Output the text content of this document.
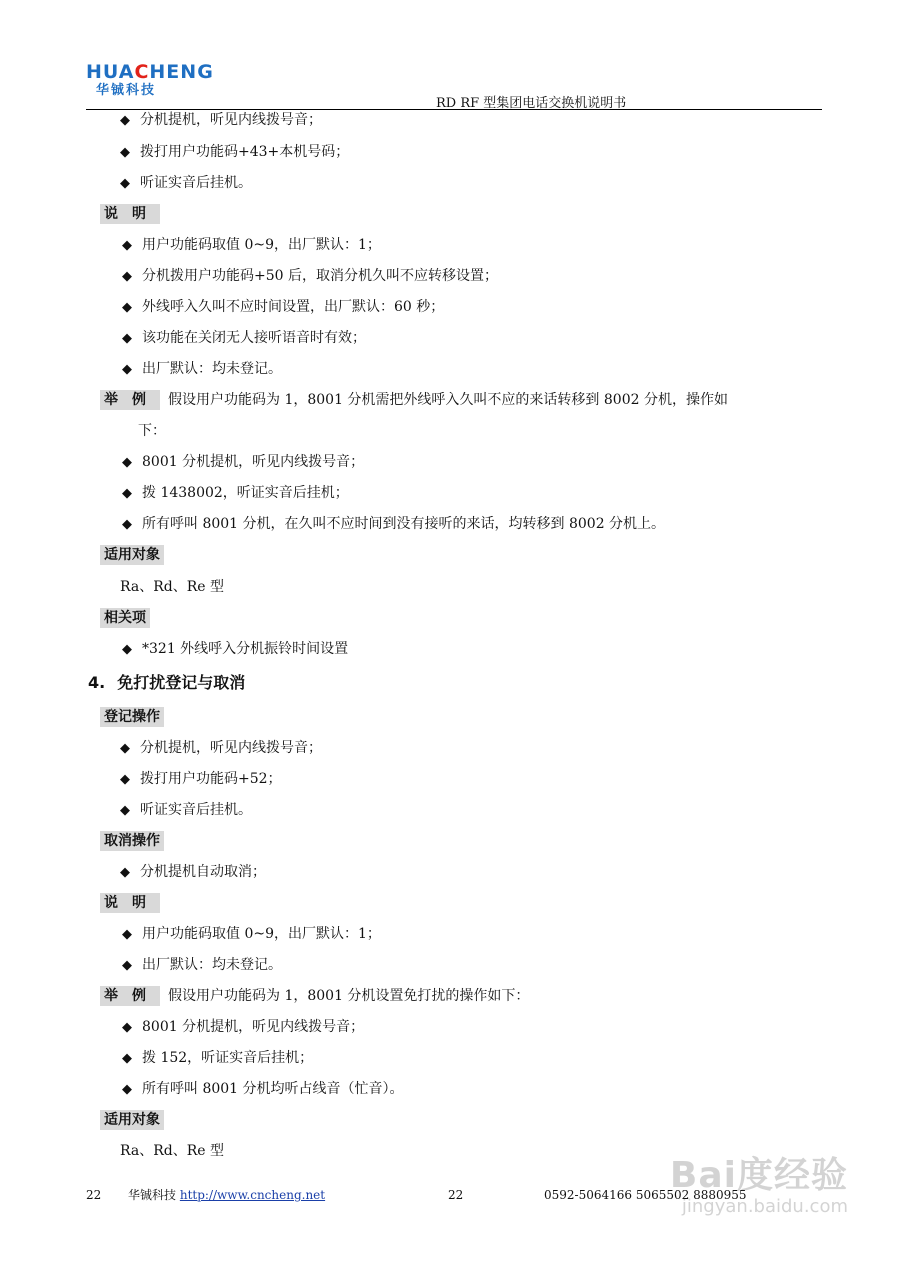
HUACHENG
华铖科技
RD RF 型集团电话交换机说明书
◆ 分机提机，听见内线拨号音；
◆ 拨打用户功能码+43+本机号码；
◆ 听证实音后挂机。
说明
◆ 用户功能码取值 0~9，出厂默认：1；
◆ 分机拨用户功能码+50 后，取消分机久叫不应转移设置；
◆ 外线呼入久叫不应时间设置，出厂默认：60 秒；
◆ 该功能在关闭无人接听语音时有效；
◆ 出厂默认：均未登记。
举例 假设用户功能码为 1，8001 分机需把外线呼入久叫不应的来话转移到 8002 分机，操作如
下：
◆ 8001 分机提机，听见内线拨号音；
◆ 拨 1438002，听证实音后挂机；
◆ 所有呼叫 8001 分机，在久叫不应时间到没有接听的来话，均转移到 8002 分机上。
适用对象
Ra、Rd、Re 型
相关项
◆ *321 外线呼入分机振铃时间设置
4. 免打扰登记与取消
登记操作
◆ 分机提机，听见内线拨号音；
◆ 拨打用户功能码+52；
◆ 听证实音后挂机。
取消操作
◆ 分机提机自动取消；
说明
◆ 用户功能码取值 0~9，出厂默认：1；
◆ 出厂默认：均未登记。
举例 假设用户功能码为 1，8001 分机设置免打扰的操作如下：
◆ 8001 分机提机，听见内线拨号音；
◆ 拨 152，听证实音后挂机；
◆ 所有呼叫 8001 分机均听占线音（忙音）。
适用对象
Ra、Rd、Re 型
22 华铖科技 http://www.cncheng.net	22	0592-5064166 5065502 8880955
Bai度经验
jingyan.baidu.com
